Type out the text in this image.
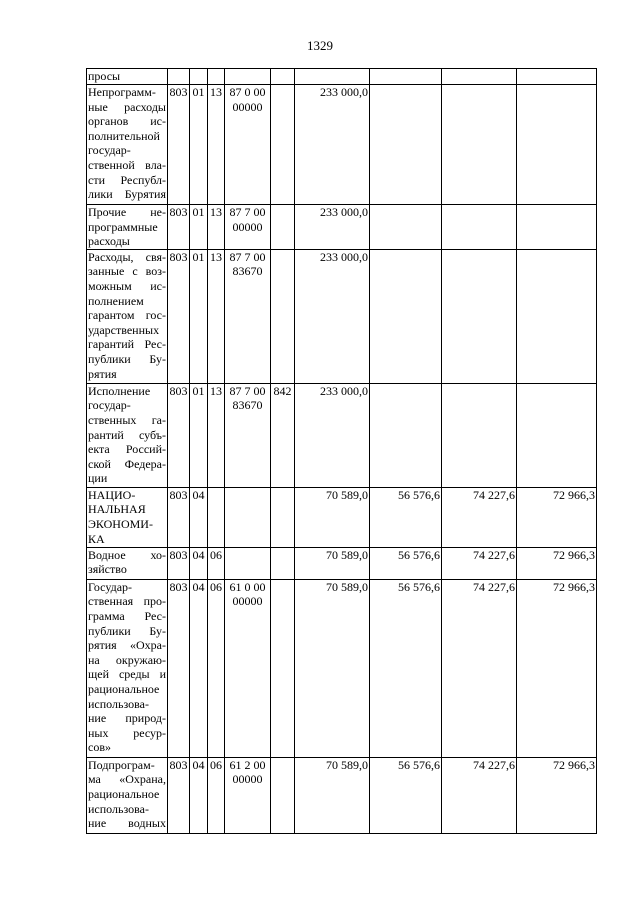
1329
просы									
Непрограмм-ные расходы органов ис-полнительной государ-ственной вла-сти Республ-лики Бурятия	803	01	13	87 0 00 00000		233 000,0			
Прочие не-программные расходы	803	01	13	87 7 00 00000		233 000,0			
Расходы, свя-занные с воз-можным ис-полнением гарантом гос-ударственных гарантий Рес-публики Бу-рятия	803	01	13	87 7 00 83670		233 000,0			
Исполнение государ-ственных га-рантий субъ-екта Россий-ской Федера-ции	803	01	13	87 7 00 83670	842	233 000,0			
НАЦИО-НАЛЬНАЯ ЭКОНОМИ-КА	803	04				70 589,0	56 576,6	74 227,6	72 966,3
Водное хо-зяйство	803	04	06			70 589,0	56 576,6	74 227,6	72 966,3
Государ-ственная про-грамма Рес-публики Бу-рятия «Охра-на окружаю-щей среды и рациональное использова-ние природ-ных ресур-сов»	803	04	06	61 0 00 00000		70 589,0	56 576,6	74 227,6	72 966,3
Подпрограм-ма «Охрана, рациональное использова-ние водных	803	04	06	61 2 00 00000		70 589,0	56 576,6	74 227,6	72 966,3
